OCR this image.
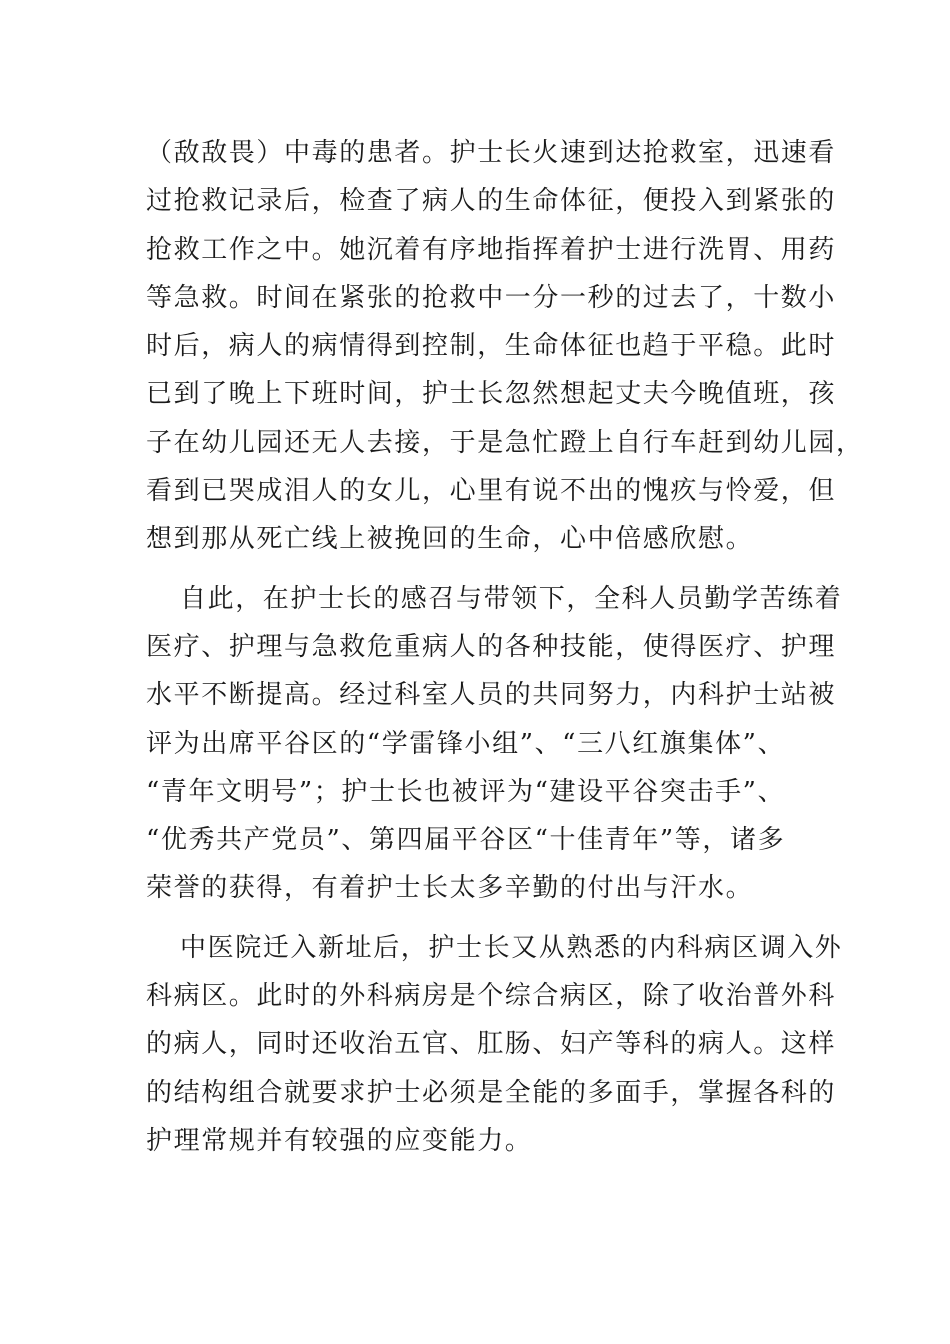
（敌敌畏）中毒的患者。护士长火速到达抢救室，迅速看
过抢救记录后，检查了病人的生命体征，便投入到紧张的
抢救工作之中。她沉着有序地指挥着护士进行洗胃、用药
等急救。时间在紧张的抢救中一分一秒的过去了，十数小
时后，病人的病情得到控制，生命体征也趋于平稳。此时
已到了晚上下班时间，护士长忽然想起丈夫今晚值班，孩
子在幼儿园还无人去接，于是急忙蹬上自行车赶到幼儿园，
看到已哭成泪人的女儿，心里有说不出的愧疚与怜爱，但
想到那从死亡线上被挽回的生命，心中倍感欣慰。

自此，在护士长的感召与带领下，全科人员勤学苦练着
医疗、护理与急救危重病人的各种技能，使得医疗、护理
水平不断提高。经过科室人员的共同努力，内科护士站被
评为出席平谷区的“学雷锋小组”、“三八红旗集体”、
“青年文明号”；护士长也被评为“建设平谷突击手”、
“优秀共产党员”、第四届平谷区“十佳青年”等，诸多
荣誉的获得，有着护士长太多辛勤的付出与汗水。

中医院迁入新址后，护士长又从熟悉的内科病区调入外
科病区。此时的外科病房是个综合病区，除了收治普外科
的病人，同时还收治五官、肛肠、妇产等科的病人。这样
的结构组合就要求护士必须是全能的多面手，掌握各科的
护理常规并有较强的应变能力。
